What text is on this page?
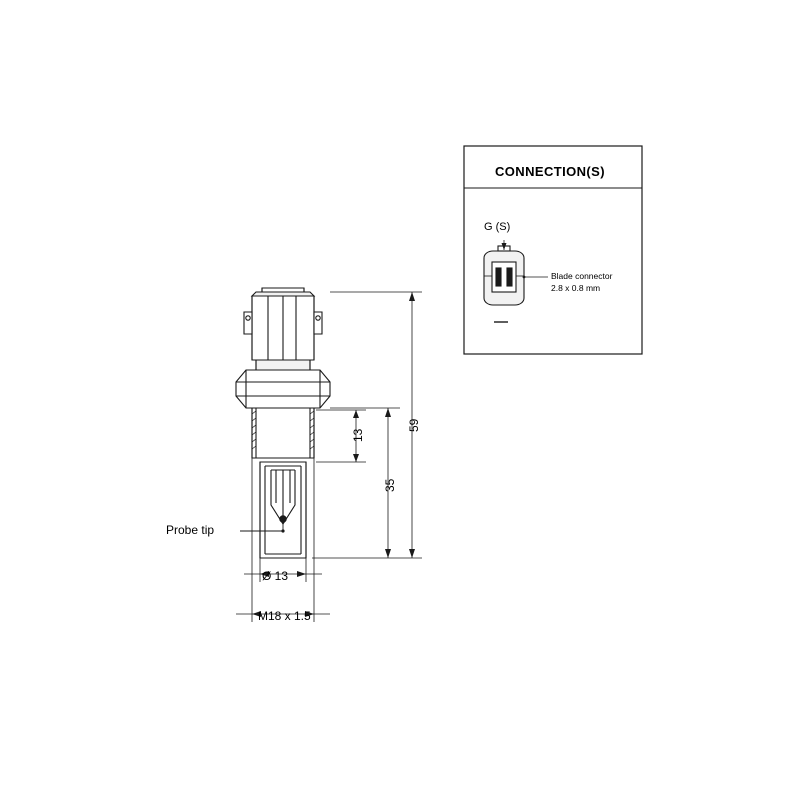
CONNECTION(S)
G (S)
Blade connector
2.8 x 0.8 mm
Probe tip
Ø 13
M18 x 1.5
59
35
13
